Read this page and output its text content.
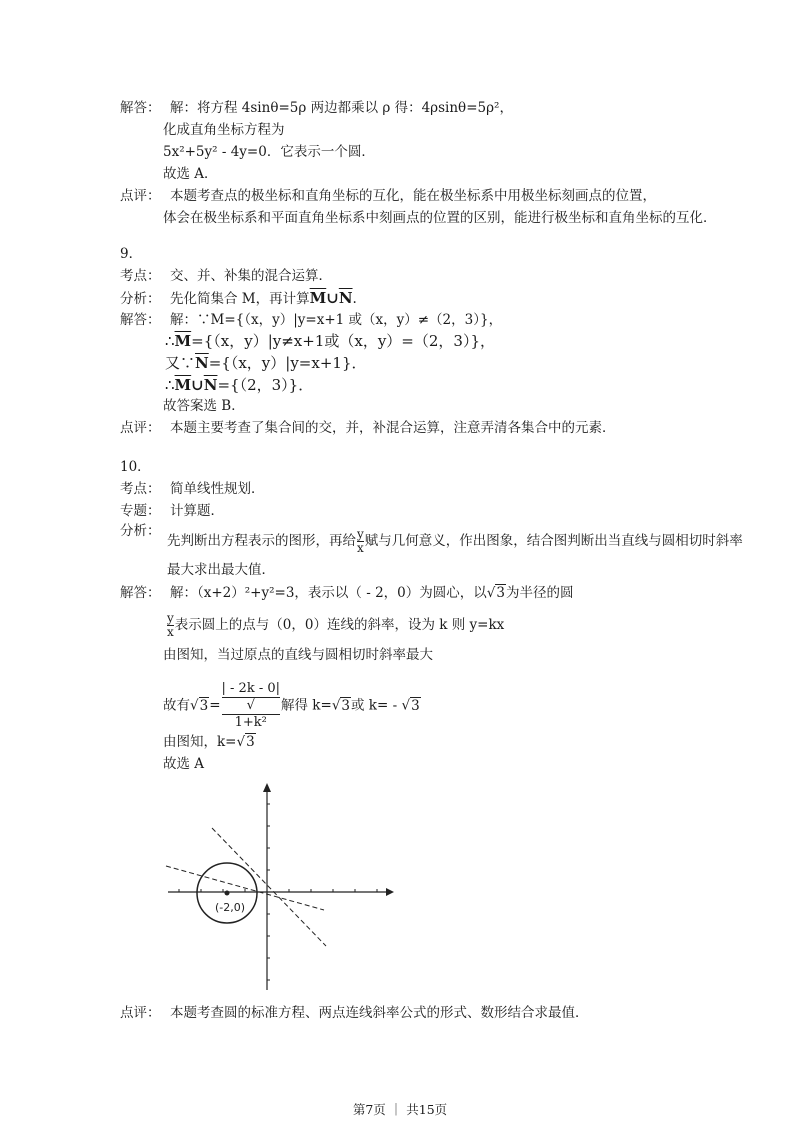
解答： 解：将方程 4sinθ=5ρ 两边都乘以 ρ 得：4ρsinθ=5ρ²，
化成直角坐标方程为
5x²+5y² - 4y=0．它表示一个圆．
故选 A．
点评： 本题考查点的极坐标和直角坐标的互化，能在极坐标系中用极坐标刻画点的位置，
体会在极坐标系和平面直角坐标系中刻画点的位置的区别，能进行极坐标和直角坐标的互化．
9．
考点： 交、并、补集的混合运算．
分析： 先化简集合 M，再计算$\overline{M}\cup\overline{N}$.
解答： 解：∵M={（x，y）|y=x+1 或（x，y）≠（2，3）}，
$\therefore\overline{M}=\{(x$，y）|y≠x+1或（x，y）=（2，3）}，
又$\because\overline{N}=\{(x$，y）|y=x+1}．
$\therefore\overline{M}\cup\overline{N}=\{(2$，3）}．
故答案选 B．
点评： 本题主要考查了集合间的交，并，补混合运算，注意弄清各集合中的元素．
10．
考点： 简单线性规划．
专题： 计算题．
分析：
先判断出方程表示的图形，再给 $\frac{y}{x}$ 赋与几何意义，作出图象，结合图判断出当直线与圆相切时斜率
最大求出最大值．
解答： 解：（x+2）²+y²=3，表示以（ - 2，0）为圆心，以√3为半径的圆
$\frac{y}{x}$ 表示圆上的点与（0，0）连线的斜率，设为 k 则 y=kx
由图知，当过原点的直线与圆相切时斜率最大
故有√3= | - 2k - 0|
√
1+k² 解得 k=√3或 k= - √3
由图知，k=√3
故选 A
(-2,0)
点评： 本题考查圆的标准方程、两点连线斜率公式的形式、数形结合求最值．
第7页 ｜ 共15页
